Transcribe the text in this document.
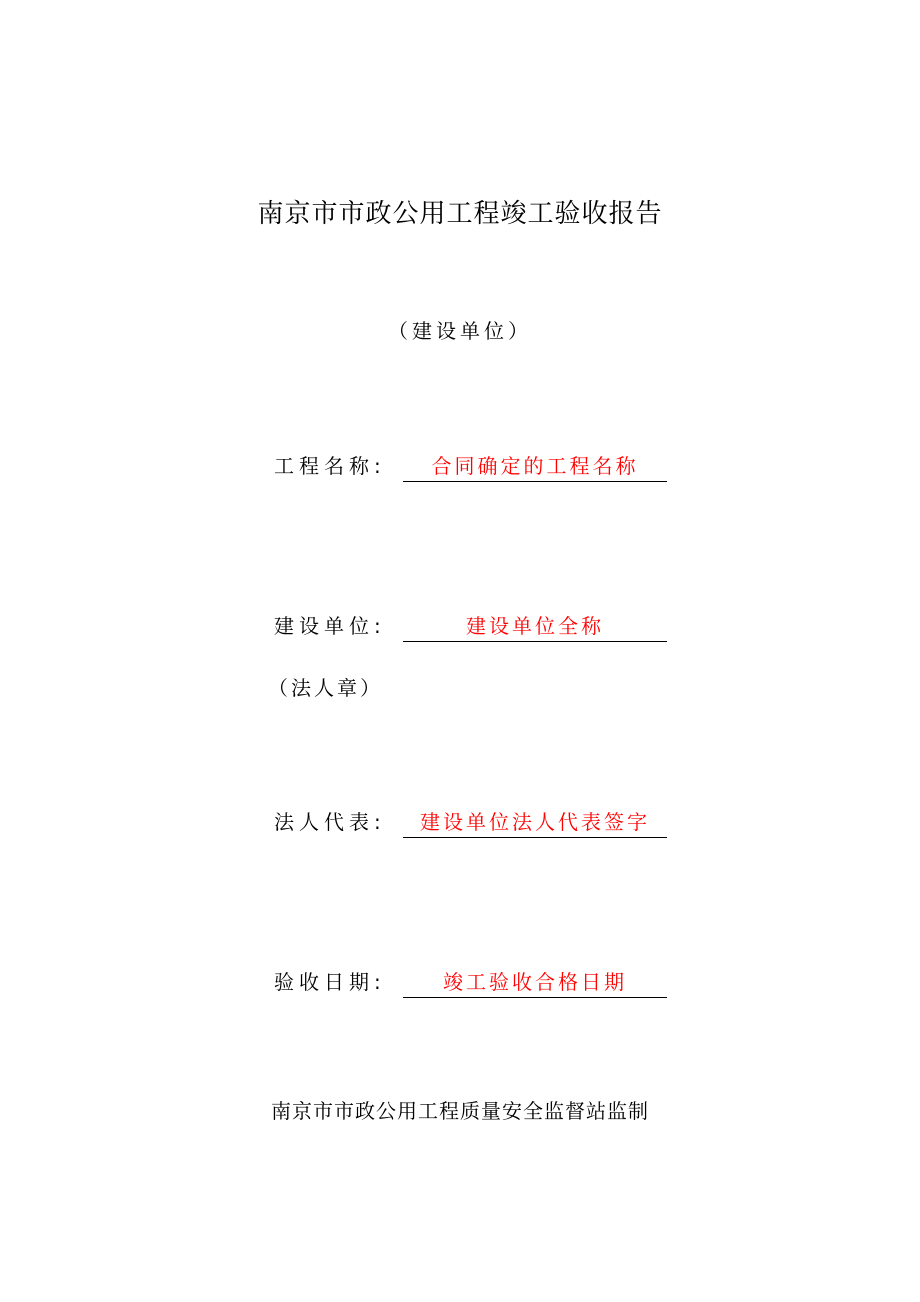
南京市市政公用工程竣工验收报告
（建设单位）
工程名称:	合同确定的工程名称
建设单位:	建设单位全称
（法人章）
法人代表:	建设单位法人代表签字
验收日期:	竣工验收合格日期
南京市市政公用工程质量安全监督站监制
